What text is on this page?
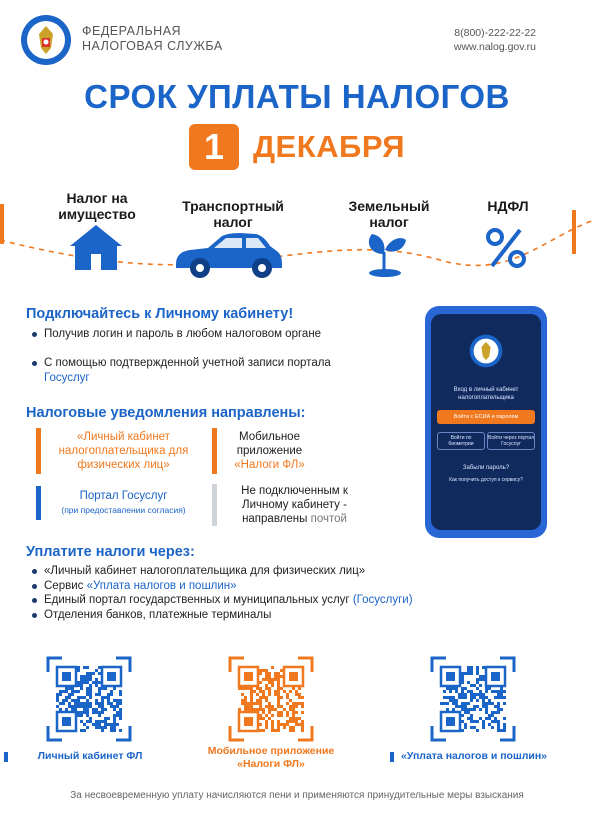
ФЕДЕРАЛЬНАЯ
НАЛОГОВАЯ СЛУЖБА
8(800)-222-22-22
www.nalog.gov.ru
СРОК УПЛАТЫ НАЛОГОВ
1 ДЕКАБРЯ
Налог на
имущество	Транспортный
налог
Земельный
налог
НДФЛ
Подключайтесь к Личному кабинету!
Получив логин и пароль в любом налоговом органе
С помощью подтвержденной учетной записи портала
Госуслуг
Налоговые уведомления направлены:
«Личный кабинет налогоплательщика для физических лиц»
Мобильное приложение
«Налоги ФЛ»
Портал Госуслуг
(при предоставлении согласия)
Не подключенным к Личному кабинету - направлены почтой
Вход в личный кабинет налогоплательщика
Войти с ЕСИА и паролем
Войти по биометрии
Войти через портал Госуслуг
Забыли пароль?
Как получить доступ к сервису?
Уплатите налоги через:
«Личный кабинет налогоплательщика для физических лиц»
Сервис «Уплата налогов и пошлин»
Единый портал государственных и муниципальных услуг (Госуслуги)
Отделения банков, платежные терминалы
Личный кабинет ФЛ	Мобильное приложение
«Налоги ФЛ»
«Уплата налогов и пошлин»
За несвоевременную уплату начисляются пени и применяются принудительные меры взыскания
